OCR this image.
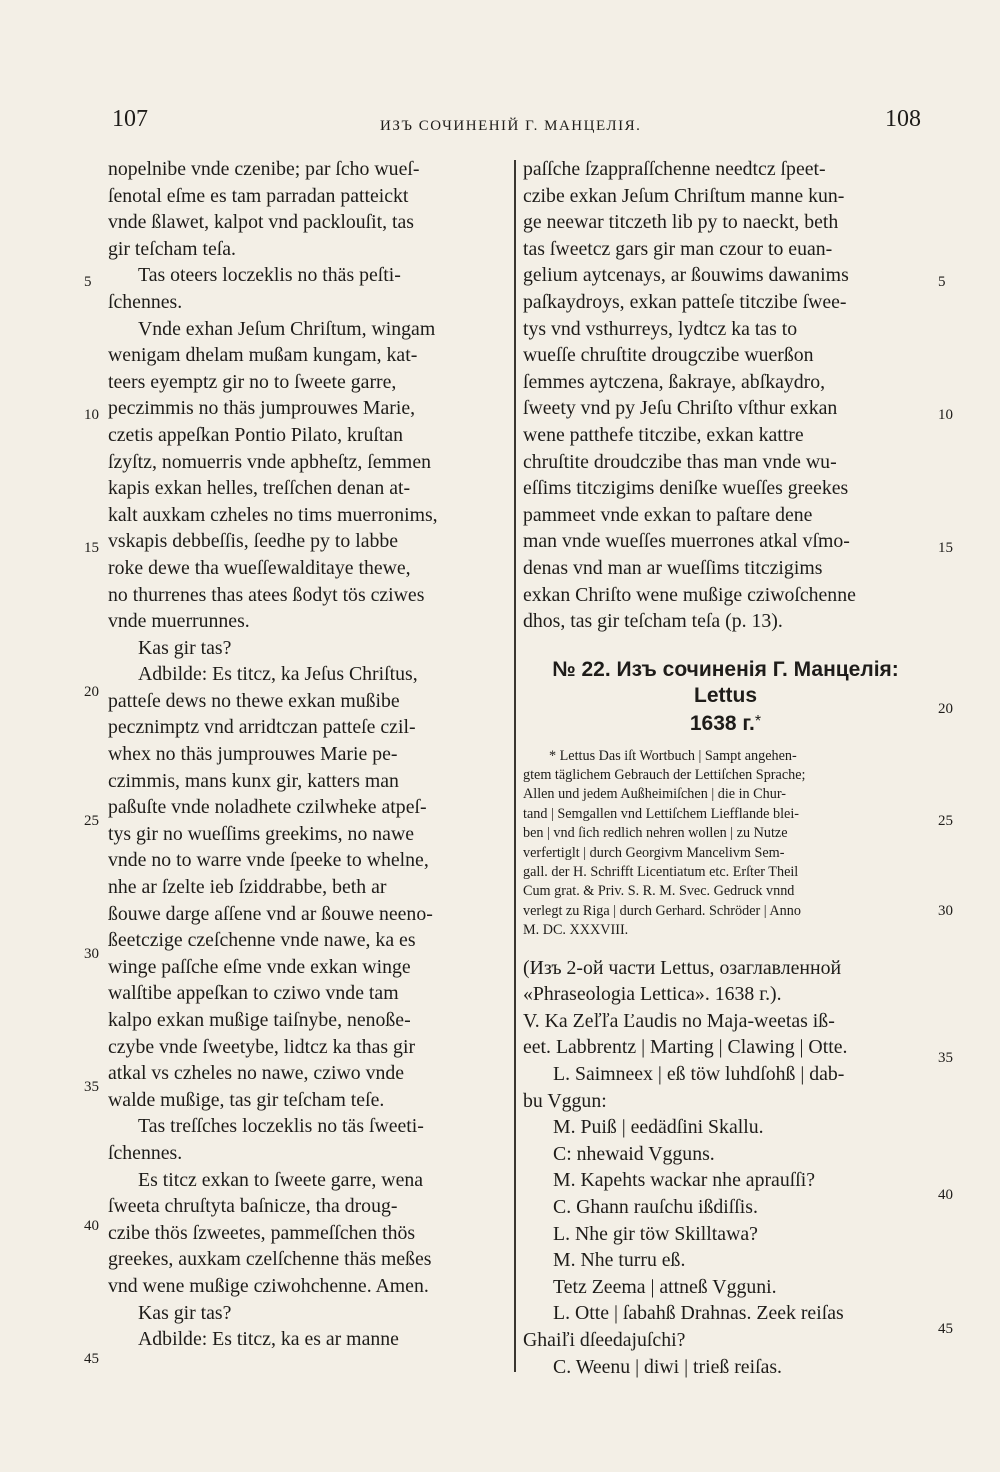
107	ИЗЪ СОЧИНЕНІЙ Г. МАНЦЕЛІЯ.	108
nopelnibe vnde czenibe; par ſcho wueſ-
ſenotal eſme es tam parradan patteickt
vnde ßlawet, kalpot vnd packlouſit, tas
gir teſcham teſa.
Tas oteers loczeklis no thäs peſti-
ſchennes.
Vnde exhan Jeſum Chriſtum, wingam
wenigam dhelam mußam kungam, kat-
teers eyemptz gir no to ſweete garre,
peczimmis no thäs jumprouwes Marie,
czetis appeſkan Pontio Pilato, kruſtan
ſzyſtz, nomuerris vnde apbheſtz, ſemmen
kapis exkan helles, treſſchen denan at-
kalt auxkam czheles no tims muerronims,
vskapis debbeſſis, ſeedhe py to labbe
roke dewe tha wueſſewalditaye thewe,
no thurrenes thas atees ßodyt tös cziwes
vnde muerrunnes.
Kas gir tas?
Adbilde: Es titcz, ka Jeſus Chriſtus,
patteſe dews no thewe exkan mußibe
pecznimptz vnd arridtczan patteſe czil-
whex no thäs jumprouwes Marie pe-
czimmis, mans kunx gir, katters man
paßuſte vnde noladhete czilwheke atpeſ-
tys gir no wueſſims greekims, no nawe
vnde no to warre vnde ſpeeke to whelne,
nhe ar ſzelte ieb ſziddrabbe, beth ar
ßouwe darge aſſene vnd ar ßouwe neeno-
ßeetczige czeſchenne vnde nawe, ka es
winge paſſche eſme vnde exkan winge
walſtibe appeſkan to cziwo vnde tam
kalpo exkan mußige taiſnybe, nenoße-
czybe vnde ſweetybe, lidtcz ka thas gir
atkal vs czheles no nawe, cziwo vnde
walde mußige, tas gir teſcham teſe.
Tas treſſches loczeklis no täs ſweeti-
ſchennes.
Es titcz exkan to ſweete garre, wena
ſweeta chruſtyta baſnicze, tha droug-
czibe thös ſzweetes, pammeſſchen thös
greekes, auxkam czelſchenne thäs meßes
vnd wene mußige cziwohchenne. Amen.
Kas gir tas?
Adbilde: Es titcz, ka es ar manne
5
10
15
20
25
30
35
40
45
paſſche ſzappraſſchenne needtcz ſpeet-
czibe exkan Jeſum Chriſtum manne kun-
ge neewar titczeth lib py to naeckt, beth
tas ſweetcz gars gir man czour to euan-
gelium aytcenays, ar ßouwims dawanims
paſkaydroys, exkan patteſe titczibe ſwee-
tys vnd vsthurreys, lydtcz ka tas to
wueſſe chruſtite drougczibe wuerßon
ſemmes aytczena, ßakraye, abſkaydro,
ſweety vnd py Jeſu Chriſto vſthur exkan
wene patthefe titczibe, exkan kattre
chruſtite droudczibe thas man vnde wu-
eſſims titczigims deniſke wueſſes greekes
pammeet vnde exkan to paſtare dene
man vnde wueſſes muerrones atkal vſmo-
denas vnd man ar wueſſims titczigims
exkan Chriſto wene mußige cziwoſchenne
dhos, tas gir teſcham teſa (p. 13).
№ 22. Изъ сочиненія Г. Манцелія: Lettus
1638 г.*
* Lettus Das iſt Wortbuch | Sampt angehen-
gtem täglichem Gebrauch der Lettiſchen Sprache;
Allen und jedem Außheimiſchen | die in Chur-
tand | Semgallen vnd Lettiſchem Liefflande blei-
ben | vnd ſich redlich nehren wollen | zu Nutze
verfertiglt | durch Georgivm Mancelivm Sem-
gall. der H. Schrifft Licentiatum etc. Erſter Theil
Cum grat. & Priv. S. R. M. Svec. Gedruck vnnd
verlegt zu Riga | durch Gerhard. Schröder | Anno
M. DC. XXXVIII.
(Изъ 2-ой части Lettus, озаглавленной
«Phraseologia Lettica». 1638 г.).
V. Ka Zeľľa Ľaudis no Maja-weetas iß-
eet. Labbrentz | Marting | Clawing | Otte.
L. Saimneex | eß töw luhdſohß | dab-
bu Vggun:
M. Puiß | eedädſini Skallu.
C: nhewaid Vgguns.
M. Kapehts wackar nhe aprauſſi?
C. Ghann rauſchu ißdiſſis.
L. Nhe gir töw Skilltawa?
M. Nhe turru eß.
Tetz Zeema | attneß Vgguni.
L. Otte | ſabahß Drahnas. Zeek reiſas
Ghaiľi dſeedajuſchi?
C. Weenu | diwi | trieß reiſas.
5
10
15
20
25
30
35
40
45
